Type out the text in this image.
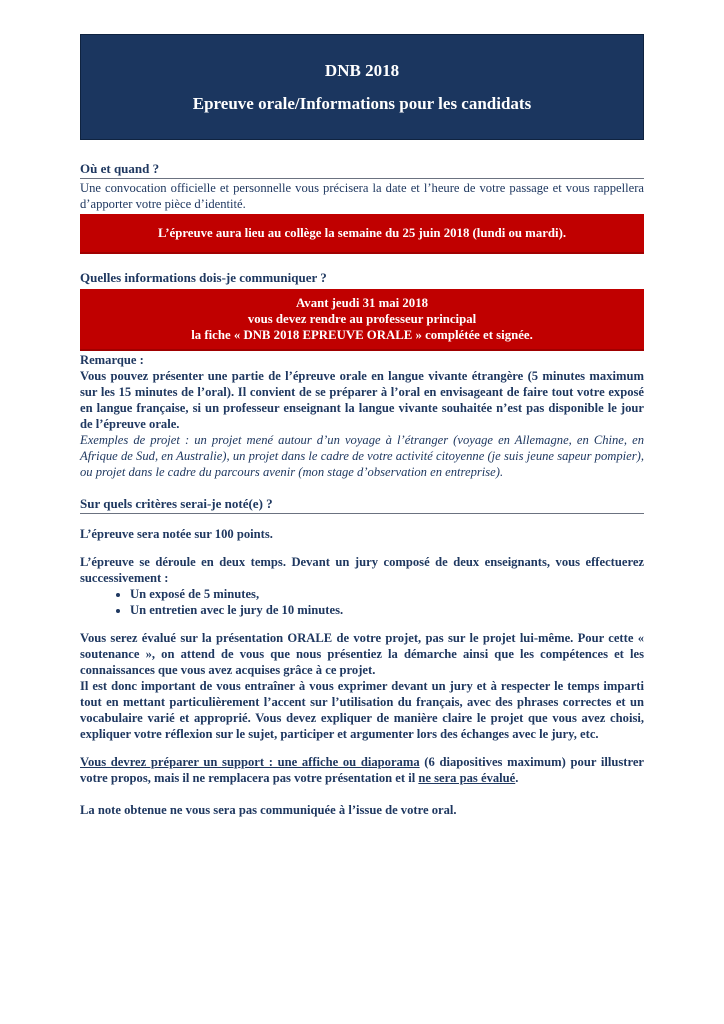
DNB 2018
Epreuve orale/Informations pour les candidats
Où et quand ?
Une convocation officielle et personnelle vous précisera la date et l’heure de votre passage et vous rappellera d’apporter votre pièce d’identité.
L’épreuve aura lieu au collège la semaine du 25 juin 2018 (lundi ou mardi).
Quelles informations dois-je communiquer ?
Avant jeudi 31 mai 2018
vous devez rendre au professeur principal
la fiche « DNB 2018 EPREUVE ORALE » complétée et signée.
Remarque :
Vous pouvez présenter une partie de l’épreuve orale en langue vivante étrangère (5 minutes maximum sur les 15 minutes de l’oral). Il convient de se préparer à l’oral en envisageant de faire tout votre exposé en langue française, si un professeur enseignant la langue vivante souhaitée n’est pas disponible le jour de l’épreuve orale.
Exemples de projet : un projet mené autour d’un voyage à l’étranger (voyage en Allemagne, en Chine, en Afrique de Sud, en Australie), un projet dans le cadre de votre activité citoyenne (je suis jeune sapeur pompier), ou projet dans le cadre du parcours avenir (mon stage d’observation en entreprise).
Sur quels critères serai-je noté(e) ?
L’épreuve sera notée sur 100 points.
L’épreuve se déroule en deux temps. Devant un jury composé de deux enseignants, vous effectuerez successivement :
• Un exposé de 5 minutes,
• Un entretien avec le jury de 10 minutes.
Vous serez évalué sur la présentation ORALE de votre projet, pas sur le projet lui-même. Pour cette « soutenance », on attend de vous que nous présentiez la démarche ainsi que les compétences et les connaissances que vous avez acquises grâce à ce projet.
Il est donc important de vous entraîner à vous exprimer devant un jury et à respecter le temps imparti tout en mettant particulièrement l’accent sur l’utilisation du français, avec des phrases correctes et un vocabulaire varié et approprié. Vous devez expliquer de manière claire le projet que vous avez choisi, expliquer votre réflexion sur le sujet, participer et argumenter lors des échanges avec le jury, etc.
Vous devrez préparer un support : une affiche ou diaporama (6 diapositives maximum) pour illustrer votre propos, mais il ne remplacera pas votre présentation et il ne sera pas évalué.
La note obtenue ne vous sera pas communiquée à l’issue de votre oral.
